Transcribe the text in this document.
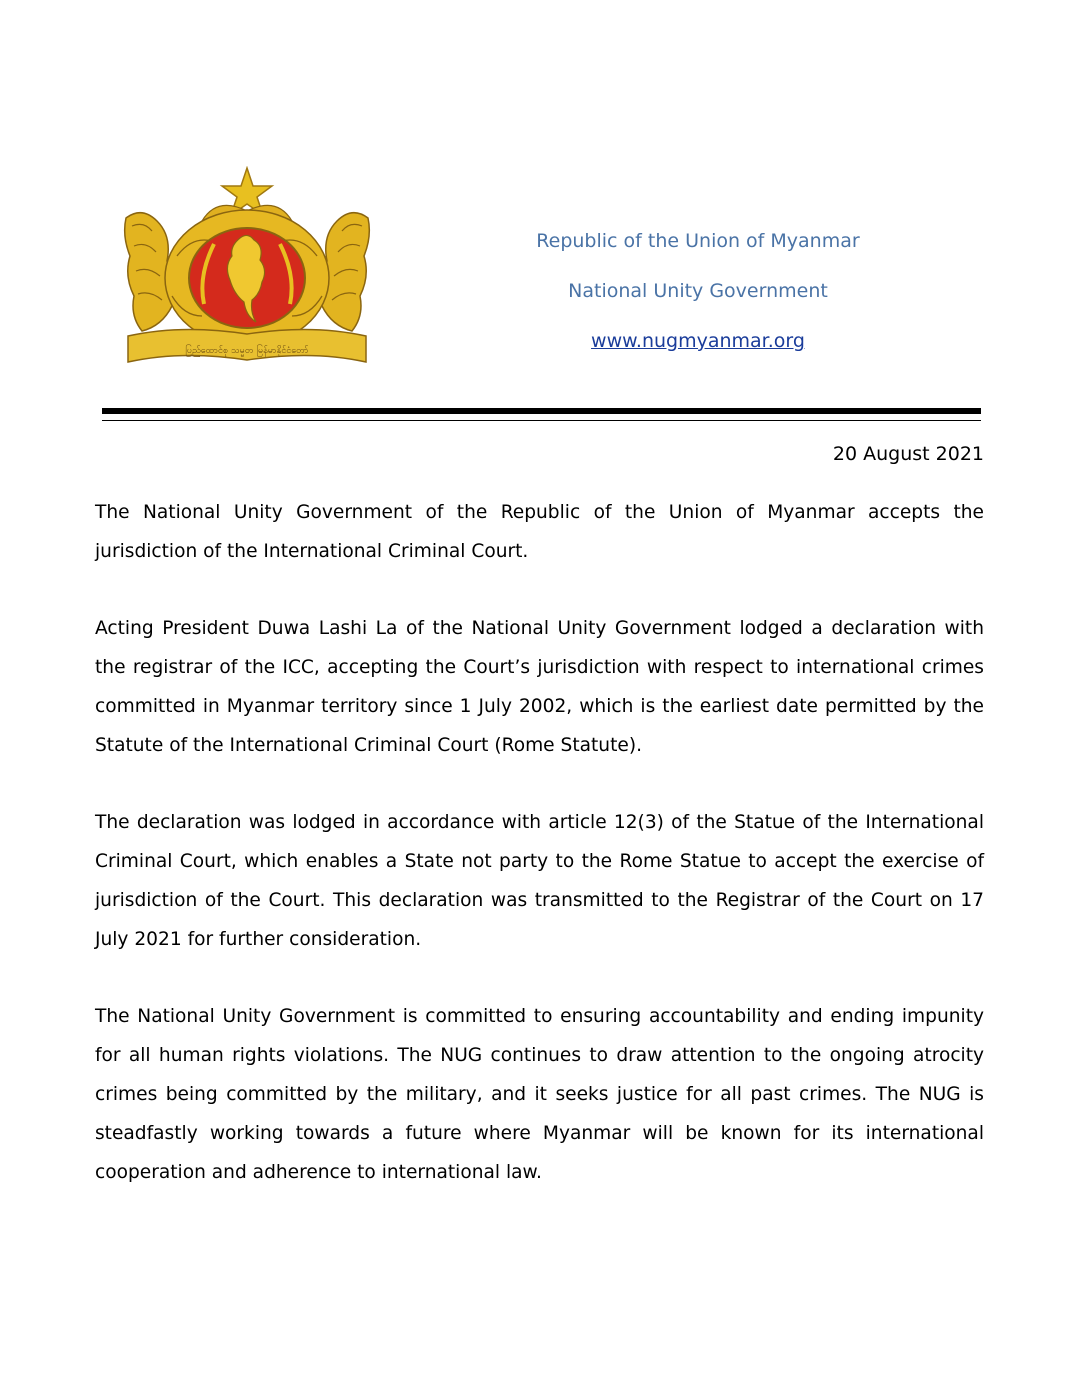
ပြည်ထောင်စု သမ္မတ မြန်မာနိုင်ငံတော်
Republic of the Union of Myanmar
National Unity Government
www.nugmyanmar.org
20 August 2021

The National Unity Government of the Republic of the Union of Myanmar accepts the jurisdiction of the International Criminal Court.

Acting President Duwa Lashi La of the National Unity Government lodged a declaration with the registrar of the ICC, accepting the Court’s jurisdiction with respect to international crimes committed in Myanmar territory since 1 July 2002, which is the earliest date permitted by the Statute of the International Criminal Court (Rome Statute).

The declaration was lodged in accordance with article 12(3) of the Statue of the International Criminal Court, which enables a State not party to the Rome Statue to accept the exercise of jurisdiction of the Court. This declaration was transmitted to the Registrar of the Court on 17 July 2021 for further consideration.

The National Unity Government is committed to ensuring accountability and ending impunity for all human rights violations. The NUG continues to draw attention to the ongoing atrocity crimes being committed by the military, and it seeks justice for all past crimes. The NUG is steadfastly working towards a future where Myanmar will be known for its international cooperation and adherence to international law.
